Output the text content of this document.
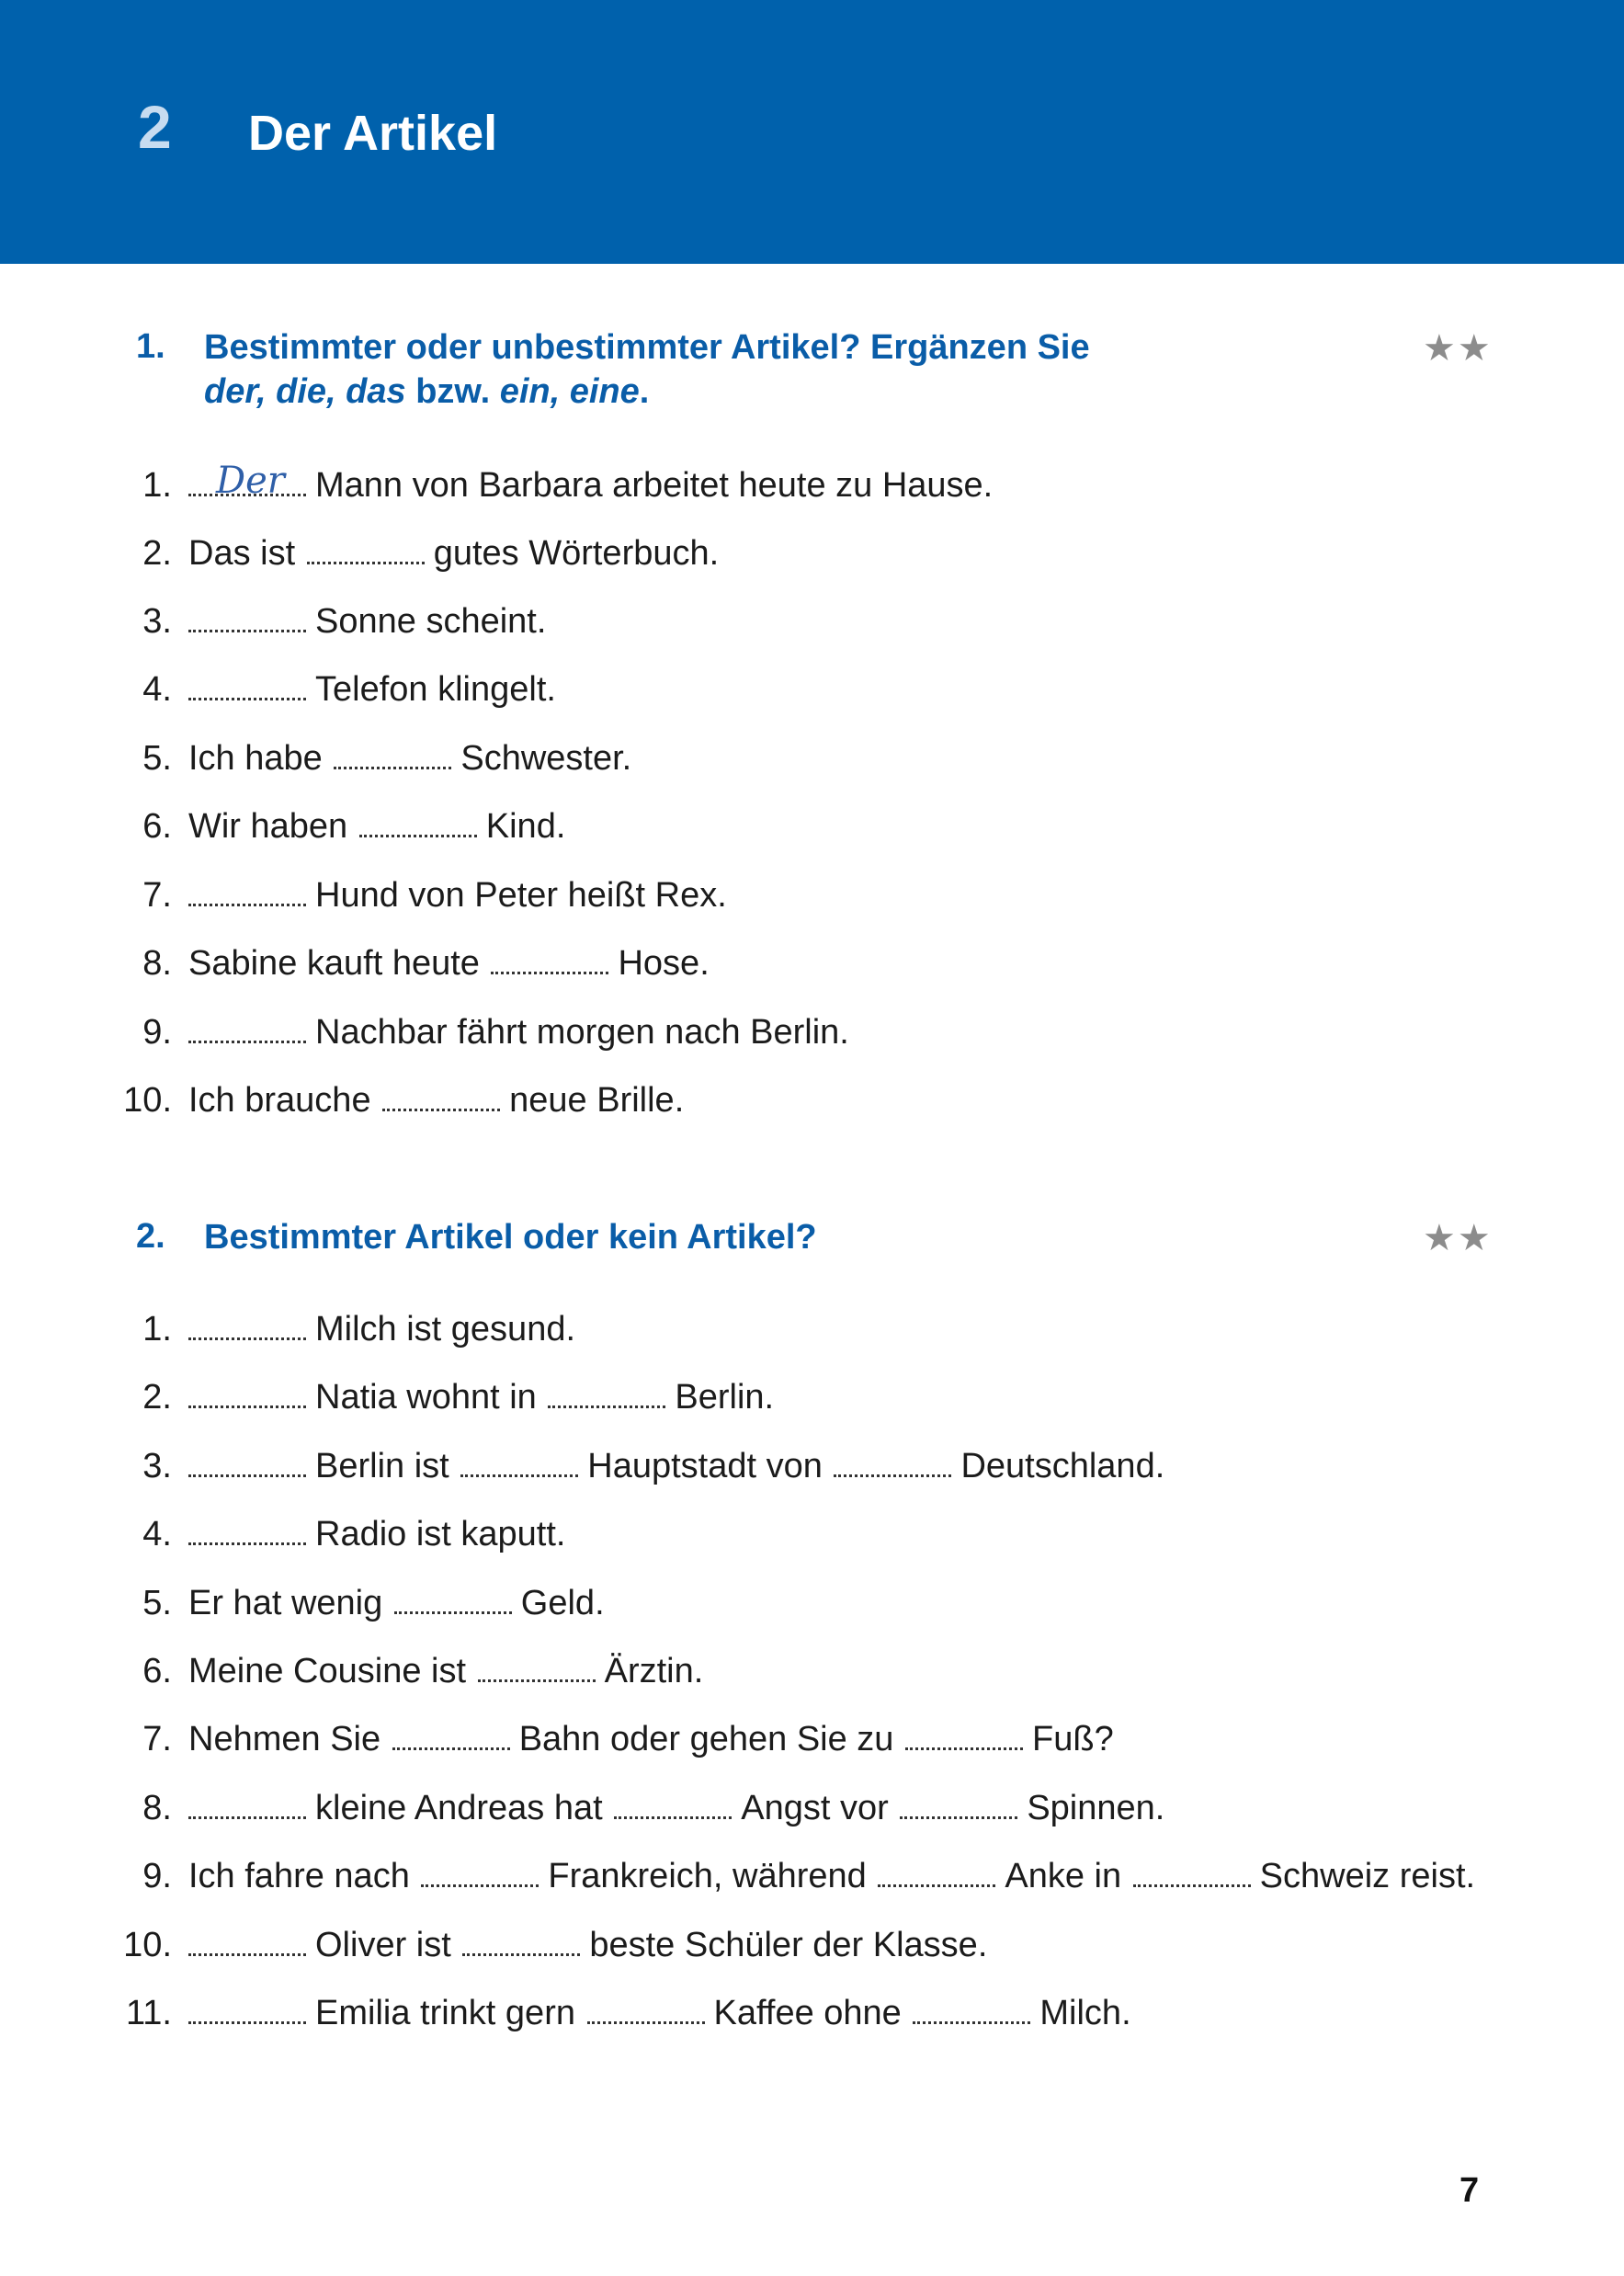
2 Der Artikel
1. Bestimmter oder unbestimmter Artikel? Ergänzen Sie
der, die, das bzw. ein, eine.
★★
1. Der Mann von Barbara arbeitet heute zu Hause.
2. Das ist	gutes Wörterbuch.
3.	Sonne scheint.
4.	Telefon klingelt.
5. Ich habe	Schwester.
6. Wir haben	Kind.
7.	Hund von Peter heißt Rex.
8. Sabine kauft heute	Hose.
9.	Nachbar fährt morgen nach Berlin.
10. Ich brauche	neue Brille.
2. Bestimmter Artikel oder kein Artikel?	★★
1.	Milch ist gesund.
2.	Natia wohnt in	Berlin.
3.	Berlin ist	Hauptstadt von	Deutschland.
4.	Radio ist kaputt.
5. Er hat wenig	Geld.
6. Meine Cousine ist	Ärztin.
7. Nehmen Sie	Bahn oder gehen Sie zu	Fuß?
8.	kleine Andreas hat	Angst vor	Spinnen.
9. Ich fahre nach	Frankreich, während	Anke in	Schweiz reist.
10.	Oliver ist	beste Schüler der Klasse.
11.	Emilia trinkt gern	Kaffee ohne	Milch.
7
